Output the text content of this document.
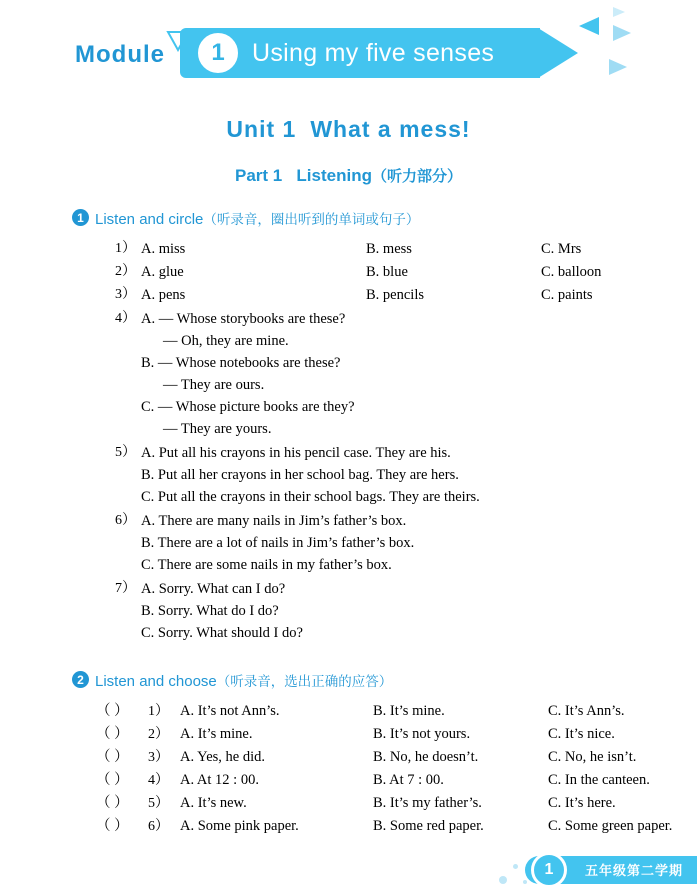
Module 1 Using my five senses
Unit 1 What a mess!
Part 1 Listening（听力部分）
1 Listen and circle（听录音，圈出听到的单词或句子）
1） A. miss	B. mess	C. Mrs
2） A. glue	B. blue	C. balloon
3） A. pens	B. pencils	C. paints
4） A. — Whose storybooks are these?
— Oh, they are mine.
B. — Whose notebooks are these?
— They are ours.
C. — Whose picture books are they?
— They are yours.
5） A. Put all his crayons in his pencil case. They are his.
B. Put all her crayons in her school bag. They are hers.
C. Put all the crayons in their school bags. They are theirs.
6） A. There are many nails in Jim’s father’s box.
B. There are a lot of nails in Jim’s father’s box.
C. There are some nails in my father’s box.
7） A. Sorry. What can I do?
B. Sorry. What do I do?
C. Sorry. What should I do?
2 Listen and choose（听录音，选出正确的应答）
（ ）	1） A. It’s not Ann’s.	B. It’s mine.	C. It’s Ann’s.
（ ）	2） A. It’s mine.	B. It’s not yours.	C. It’s nice.
（ ）	3） A. Yes, he did.	B. No, he doesn’t.	C. No, he isn’t.
（ ）	4） A. At 12 : 00.	B. At 7 : 00.	C. In the canteen.
（ ）	5） A. It’s new.	B. It’s my father’s.	C. It’s here.
（ ）	6） A. Some pink paper.	B. Some red paper.	C. Some green paper.
1	五年级第二学期
